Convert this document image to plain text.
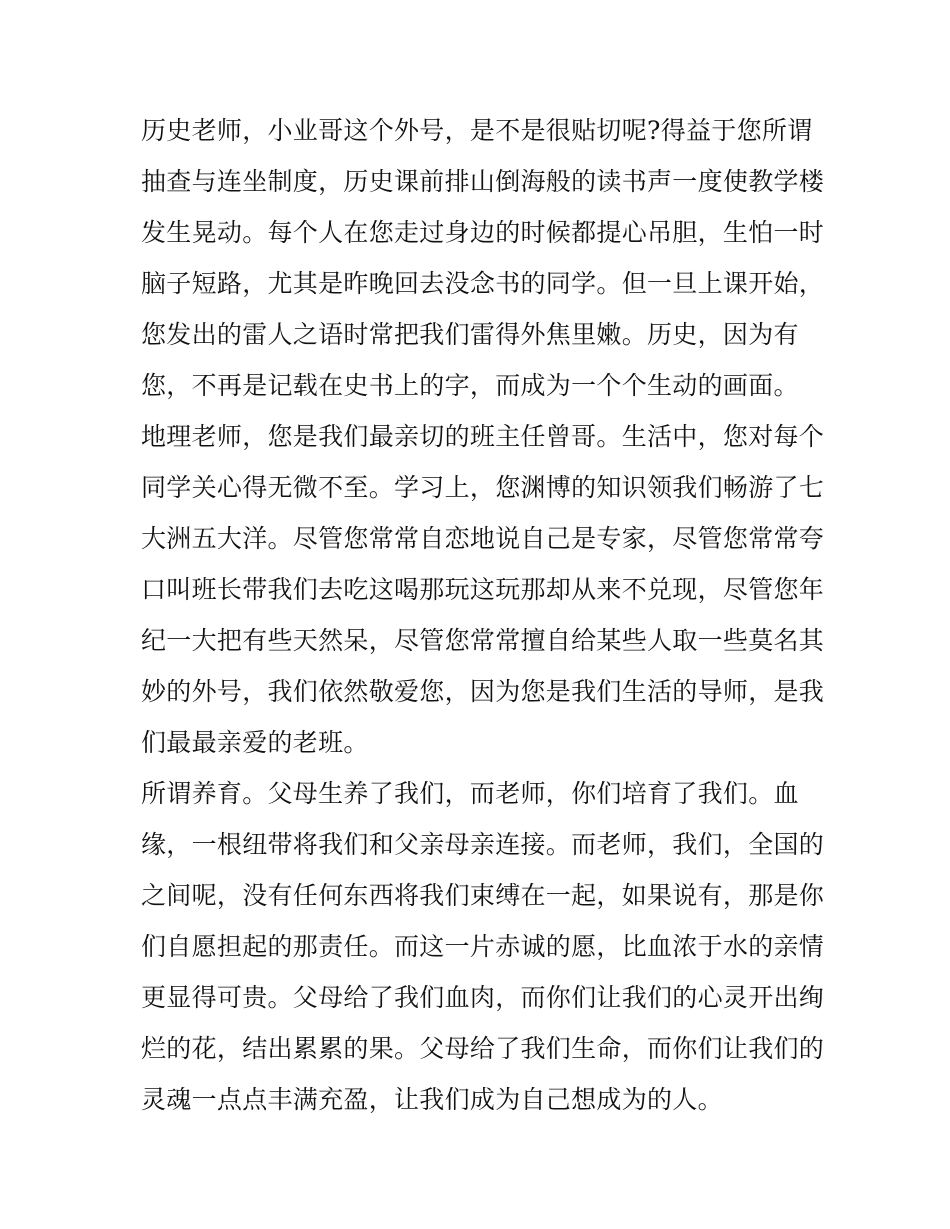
历史老师，小业哥这个外号，是不是很贴切呢?得益于您所谓
抽查与连坐制度，历史课前排山倒海般的读书声一度使教学楼
发生晃动。每个人在您走过身边的时候都提心吊胆，生怕一时
脑子短路，尤其是昨晚回去没念书的同学。但一旦上课开始，
您发出的雷人之语时常把我们雷得外焦里嫩。历史，因为有
您，不再是记载在史书上的字，而成为一个个生动的画面。
地理老师，您是我们最亲切的班主任曾哥。生活中，您对每个
同学关心得无微不至。学习上，您渊博的知识领我们畅游了七
大洲五大洋。尽管您常常自恋地说自己是专家，尽管您常常夸
口叫班长带我们去吃这喝那玩这玩那却从来不兑现，尽管您年
纪一大把有些天然呆，尽管您常常擅自给某些人取一些莫名其
妙的外号，我们依然敬爱您，因为您是我们生活的导师，是我
们最最亲爱的老班。
所谓养育。父母生养了我们，而老师，你们培育了我们。血
缘，一根纽带将我们和父亲母亲连接。而老师，我们，全国的
之间呢，没有任何东西将我们束缚在一起，如果说有，那是你
们自愿担起的那责任。而这一片赤诚的愿，比血浓于水的亲情
更显得可贵。父母给了我们血肉，而你们让我们的心灵开出绚
烂的花，结出累累的果。父母给了我们生命，而你们让我们的
灵魂一点点丰满充盈，让我们成为自己想成为的人。
